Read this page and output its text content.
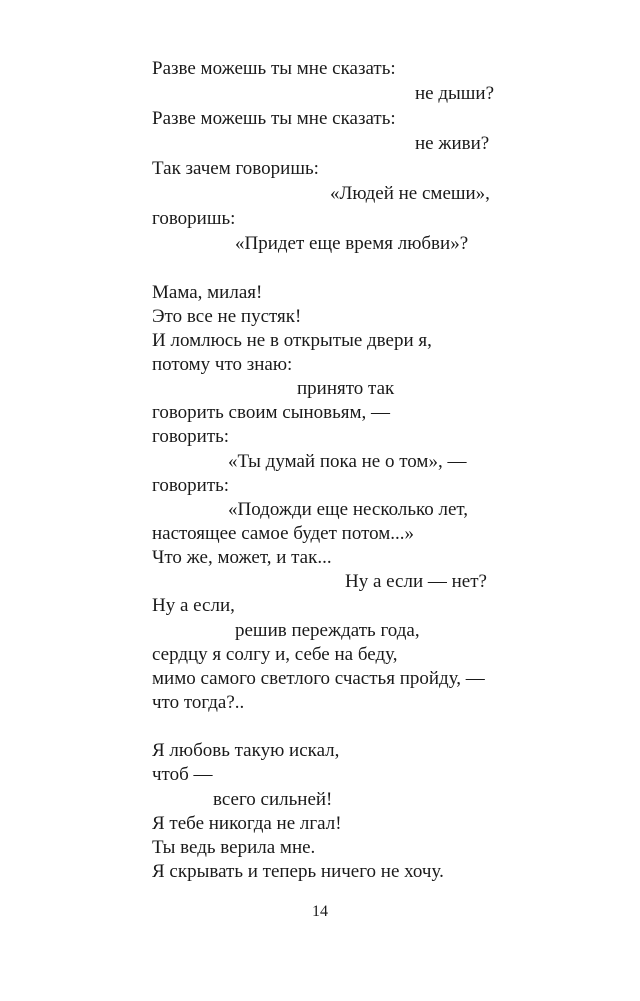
Разве можешь ты мне сказать:
не дыши?
Разве можешь ты мне сказать:
не живи?
Так зачем говоришь:
«Людей не смеши»,
говоришь:
«Придет еще время любви»?
Мама, милая!
Это все не пустяк!
И ломлюсь не в открытые двери я,
потому что знаю:
принято так
говорить своим сыновьям, —
говорить:
«Ты думай пока не о том», —
говорить:
«Подожди еще несколько лет,
настоящее самое будет потом...»
Что же, может, и так...
Ну а если — нет?
Ну а если,
решив переждать года,
сердцу я солгу и, себе на беду,
мимо самого светлого счастья пройду, —
что тогда?..
Я любовь такую искал,
чтоб —
всего сильней!
Я тебе никогда не лгал!
Ты ведь верила мне.
Я скрывать и теперь ничего не хочу.
14
